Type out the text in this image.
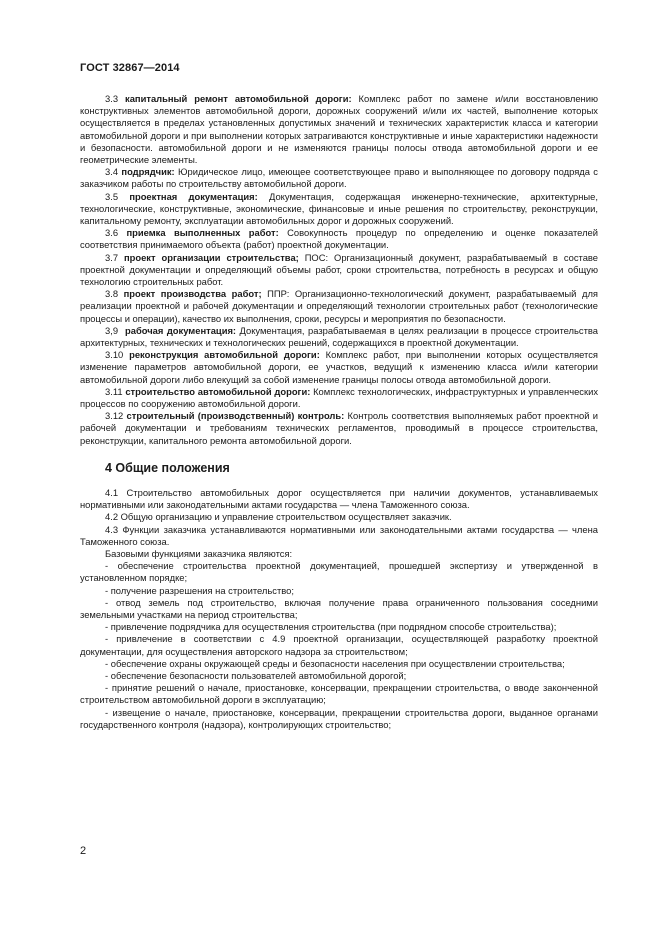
ГОСТ 32867—2014

3.3 капитальный ремонт автомобильной дороги: Комплекс работ по замене и/или восстановлению конструктивных элементов автомобильной дороги, дорожных сооружений и/или их частей, выполнение которых осуществляется в пределах установленных допустимых значений и технических характеристик класса и категории автомобильной дороги и при выполнении которых затрагиваются конструктивные и иные характеристики надежности и безопасности. автомобильной дороги и не изменяются границы полосы отвода автомобильной дороги и ее геометрические элементы.

3.4 подрядчик: Юридическое лицо, имеющее соответствующее право и выполняющее по договору подряда с заказчиком работы по строительству автомобильной дороги.

3.5 проектная документация: Документация, содержащая инженерно-технические, архитектурные, технологические, конструктивные, экономические, финансовые и иные решения по строительству, реконструкции, капитальному ремонту, эксплуатации автомобильных дорог и дорожных сооружений.

3.6 приемка выполненных работ: Совокупность процедур по определению и оценке показателей соответствия принимаемого объекта (работ) проектной документации.

3.7 проект организации строительства; ПОС: Организационный документ, разрабатываемый в составе проектной документации и определяющий объемы работ, сроки строительства, потребность в ресурсах и общую технологию строительных работ.

3.8 проект производства работ; ППР: Организационно-технологический документ, разрабатываемый для реализации проектной и рабочей документации и определяющий технологии строительных работ (технологические процессы и операции), качество их выполнения, сроки, ресурсы и мероприятия по безопасности.

3,9 рабочая документация: Документация, разрабатываемая в целях реализации в процессе строительства архитектурных, технических и технологических решений, содержащихся в проектной документации.

3.10 реконструкция автомобильной дороги: Комплекс работ, при выполнении которых осуществляется изменение параметров автомобильной дороги, ее участков, ведущий к изменению класса и/или категории автомобильной дороги либо влекущий за собой изменение границы полосы отвода автомобильной дороги.

3.11 строительство автомобильной дороги: Комплекс технологических, инфраструктурных и управленческих процессов по сооружению автомобильной дороги.

3.12 строительный (производственный) контроль: Контроль соответствия выполняемых работ проектной и рабочей документации и требованиям технических регламентов, проводимый в процессе строительства, реконструкции, капитального ремонта автомобильной дороги.

4 Общие положения

4.1 Строительство автомобильных дорог осуществляется при наличии документов, устанавливаемых нормативными или законодательными актами государства — члена Таможенного союза.

4.2 Общую организацию и управление строительством осуществляет заказчик.

4.3 Функции заказчика устанавливаются нормативными или законодательными актами государства — члена Таможенного союза.

Базовыми функциями заказчика являются:

- обеспечение строительства проектной документацией, прошедшей экспертизу и утвержденной в установленном порядке;

- получение разрешения на строительство;

- отвод земель под строительство, включая получение права ограниченного пользования соседними земельными участками на период строительства;

- привлечение подрядчика для осуществления строительства (при подрядном способе строительства);

- привлечение в соответствии с 4.9 проектной организации, осуществляющей разработку проектной документации, для осуществления авторского надзора за строительством;

- обеспечение охраны окружающей среды и безопасности населения при осуществлении строительства;

- обеспечение безопасности пользователей автомобильной дорогой;

- принятие решений о начале, приостановке, консервации, прекращении строительства, о вводе законченной строительством автомобильной дороги в эксплуатацию;

- извещение о начале, приостановке, консервации, прекращении строительства дороги, выданное органами государственного контроля (надзора), контролирующих строительство;

2
